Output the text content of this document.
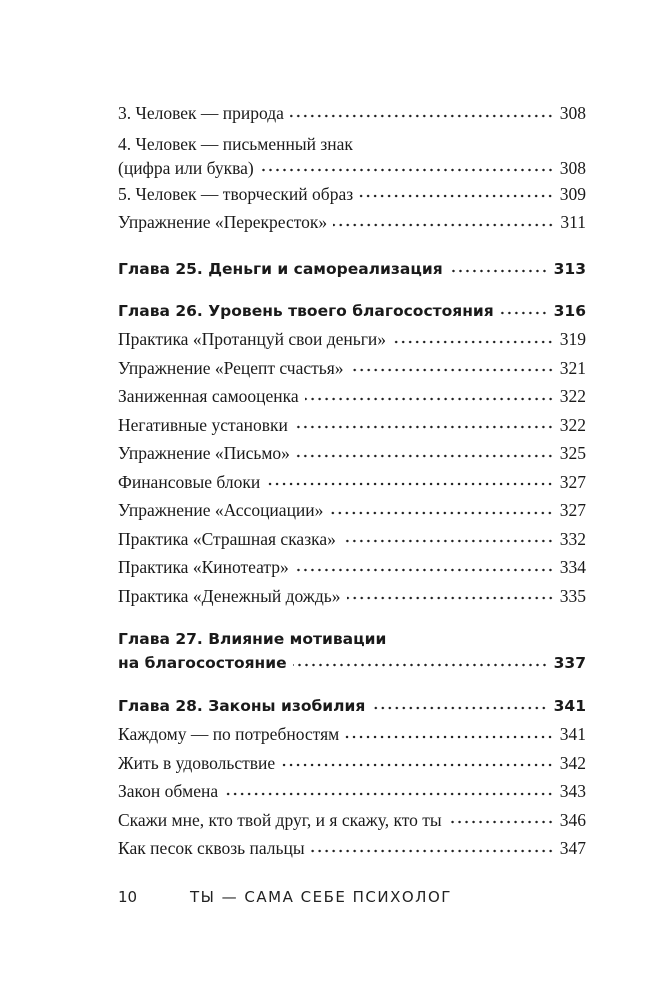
3. Человек — природа	308
4. Человек — письменный знак
(цифра или буква)	308
5. Человек — творческий образ	309
Упражнение «Перекресток»	311
Глава 25. Деньги и самореализация	313
Глава 26. Уровень твоего благосостояния	316
Практика «Протанцуй свои деньги»	319
Упражнение «Рецепт счастья»	321
Заниженная самооценка	322
Негативные установки	322
Упражнение «Письмо»	325
Финансовые блоки	327
Упражнение «Ассоциации»	327
Практика «Страшная сказка»	332
Практика «Кинотеатр»	334
Практика «Денежный дождь»	335
Глава 27. Влияние мотивации
на благосостояние	337
Глава 28. Законы изобилия	341
Каждому — по потребностям	341
Жить в удовольствие	342
Закон обмена	343
Скажи мне, кто твой друг, и я скажу, кто ты	346
Как песок сквозь пальцы	347
10	ТЫ — САМА СЕБЕ ПСИХОЛОГ
